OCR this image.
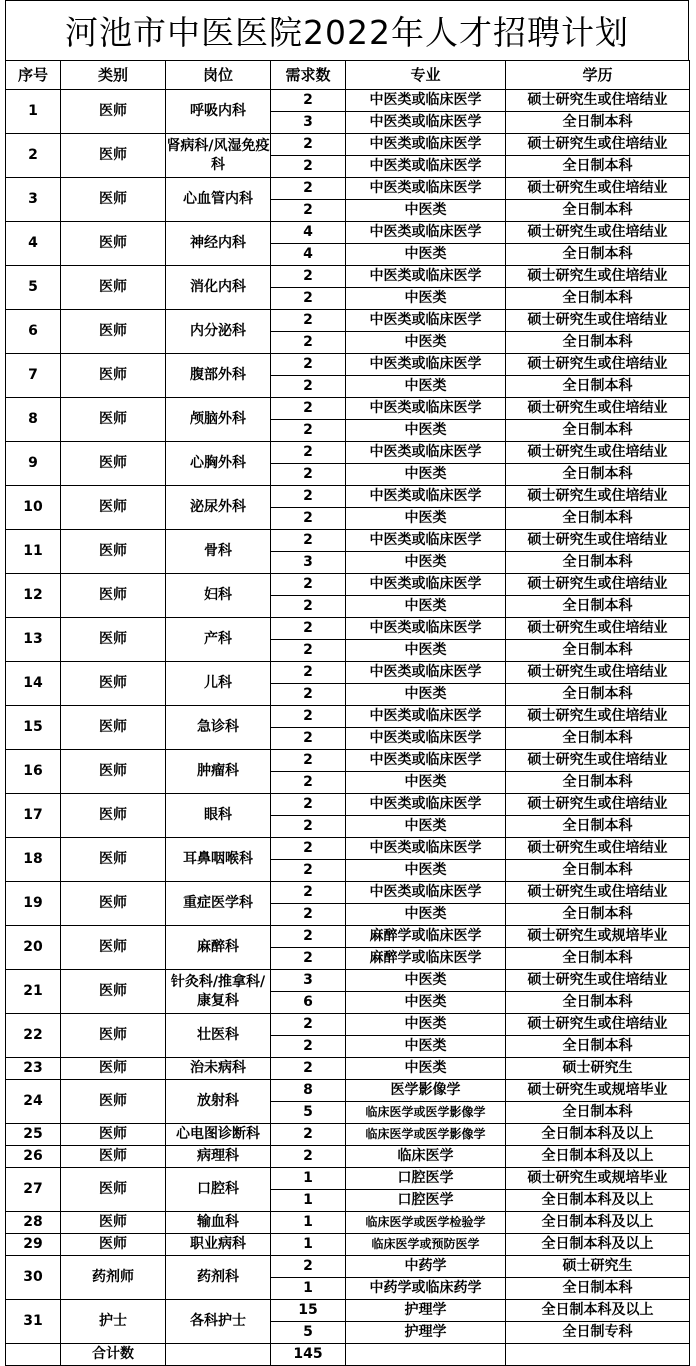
河池市中医医院2022年人才招聘计划
序号	类别	岗位	需求数	专业	学历
1	医师	呼吸内科	2	中医类或临床医学	硕士研究生或住培结业
			3	中医类或临床医学	全日制本科
2	医师	肾病科/风湿免疫科	2	中医类或临床医学	硕士研究生或住培结业
			2	中医类或临床医学	全日制本科
3	医师	心血管内科	2	中医类或临床医学	硕士研究生或住培结业
			2	中医类	全日制本科
4	医师	神经内科	4	中医类或临床医学	硕士研究生或住培结业
			4	中医类	全日制本科
5	医师	消化内科	2	中医类或临床医学	硕士研究生或住培结业
			2	中医类	全日制本科
6	医师	内分泌科	2	中医类或临床医学	硕士研究生或住培结业
			2	中医类	全日制本科
7	医师	腹部外科	2	中医类或临床医学	硕士研究生或住培结业
			2	中医类	全日制本科
8	医师	颅脑外科	2	中医类或临床医学	硕士研究生或住培结业
			2	中医类	全日制本科
9	医师	心胸外科	2	中医类或临床医学	硕士研究生或住培结业
			2	中医类	全日制本科
10	医师	泌尿外科	2	中医类或临床医学	硕士研究生或住培结业
			2	中医类	全日制本科
11	医师	骨科	2	中医类或临床医学	硕士研究生或住培结业
			3	中医类	全日制本科
12	医师	妇科	2	中医类或临床医学	硕士研究生或住培结业
			2	中医类	全日制本科
13	医师	产科	2	中医类或临床医学	硕士研究生或住培结业
			2	中医类	全日制本科
14	医师	儿科	2	中医类或临床医学	硕士研究生或住培结业
			2	中医类	全日制本科
15	医师	急诊科	2	中医类或临床医学	硕士研究生或住培结业
			2	中医类或临床医学	全日制本科
16	医师	肿瘤科	2	中医类或临床医学	硕士研究生或住培结业
			2	中医类	全日制本科
17	医师	眼科	2	中医类或临床医学	硕士研究生或住培结业
			2	中医类	全日制本科
18	医师	耳鼻咽喉科	2	中医类或临床医学	硕士研究生或住培结业
			2	中医类	全日制本科
19	医师	重症医学科	2	中医类或临床医学	硕士研究生或住培结业
			2	中医类	全日制本科
20	医师	麻醉科	2	麻醉学或临床医学	硕士研究生或规培毕业
			2	麻醉学或临床医学	全日制本科
21	医师	针灸科/推拿科/康复科	3	中医类	硕士研究生或住培结业
			6	中医类	全日制本科
22	医师	壮医科	2	中医类	硕士研究生或住培结业
			2	中医类	全日制本科
23	医师	治未病科	2	中医类	硕士研究生
24	医师	放射科	8	医学影像学	硕士研究生或规培毕业
			5	临床医学或医学影像学	全日制本科
25	医师	心电图诊断科	2	临床医学或医学影像学	全日制本科及以上
26	医师	病理科	2	临床医学	全日制本科及以上
27	医师	口腔科	1	口腔医学	硕士研究生或规培毕业
			1	口腔医学	全日制本科及以上
28	医师	输血科	1	临床医学或医学检验学	全日制本科及以上
29	医师	职业病科	1	临床医学或预防医学	全日制本科及以上
30	药剂师	药剂科	2	中药学	硕士研究生
			1	中药学或临床药学	全日制本科
31	护士	各科护士	15	护理学	全日制本科及以上
			5	护理学	全日制专科
	合计数		145		
